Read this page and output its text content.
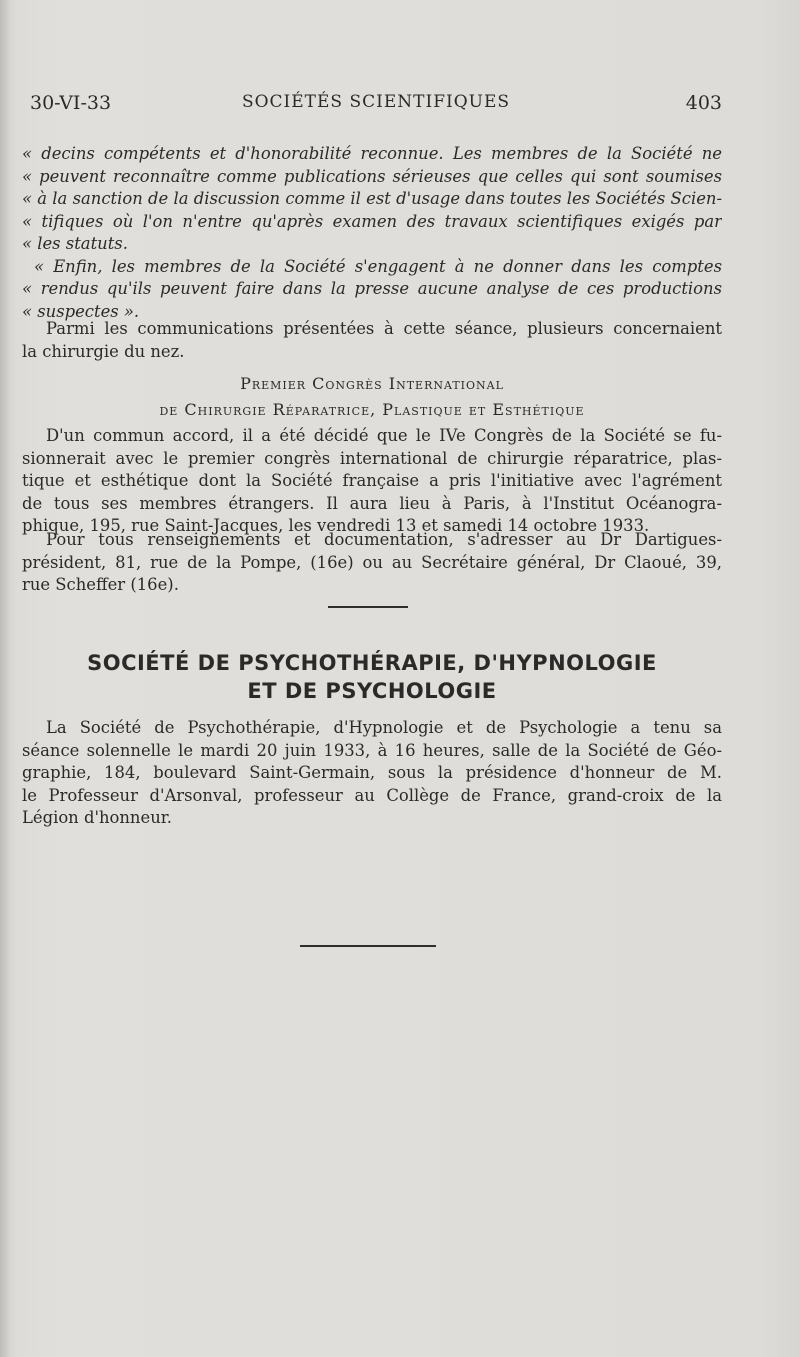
30-VI-33	SOCIÉTÉS SCIENTIFIQUES	403
« decins compétents et d'honorabilité reconnue. Les membres de la Société ne
« peuvent reconnaître comme publications sérieuses que celles qui sont soumises
« à la sanction de la discussion comme il est d'usage dans toutes les Sociétés Scien-
« tifiques où l'on n'entre qu'après examen des travaux scientifiques exigés par
« les statuts.
« Enfin, les membres de la Société s'engagent à ne donner dans les comptes
« rendus qu'ils peuvent faire dans la presse aucune analyse de ces productions
« suspectes ».
Parmi les communications présentées à cette séance, plusieurs concernaient
la chirurgie du nez.
Premier Congrès International
de Chirurgie Réparatrice, Plastique et Esthétique
D'un commun accord, il a été décidé que le IVe Congrès de la Société se fu-
sionnerait avec le premier congrès international de chirurgie réparatrice, plas-
tique et esthétique dont la Société française a pris l'initiative avec l'agrément
de tous ses membres étrangers. Il aura lieu à Paris, à l'Institut Océanogra-
phique, 195, rue Saint-Jacques, les vendredi 13 et samedi 14 octobre 1933.
Pour tous renseignements et documentation, s'adresser au Dr Dartigues-
président, 81, rue de la Pompe, (16e) ou au Secrétaire général, Dr Claoué, 39,
rue Scheffer (16e).
SOCIÉTÉ DE PSYCHOTHÉRAPIE, D'HYPNOLOGIE
ET DE PSYCHOLOGIE
La Société de Psychothérapie, d'Hypnologie et de Psychologie a tenu sa
séance solennelle le mardi 20 juin 1933, à 16 heures, salle de la Société de Géo-
graphie, 184, boulevard Saint-Germain, sous la présidence d'honneur de M.
le Professeur d'Arsonval, professeur au Collège de France, grand-croix de la
Légion d'honneur.
